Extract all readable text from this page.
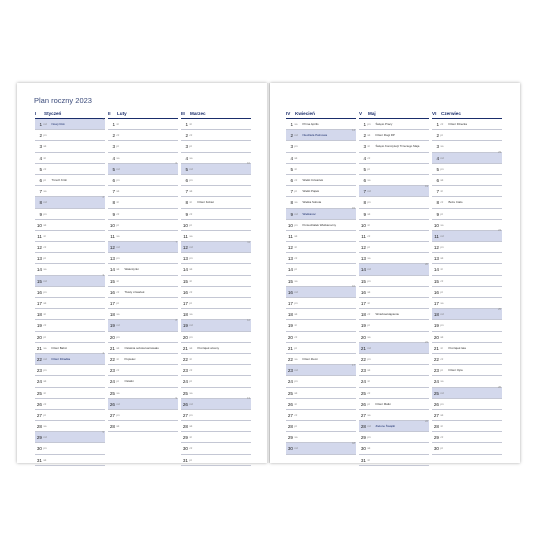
Plan roczny 2023
I Styczeń
1 nd $^{Nowy Rok}$
1
2 pn
3 wt
4 śr
5 cz
6 pt $^{Trzech Króli}$
7 so
8 nd
2
9 pn
10 wt
11 śr
12 cz
13 pt
14 so
15 nd
3
16 pn
17 wt
18 śr
19 cz
20 pt
21 so $^{Dzień Babci}$
22 nd $^{Dzień Dziadka}$
4
23 pn
24 wt
25 śr
26 cz
27 pt
28 so
29 nd
5
30 pn
31 wt
II Luty
1 śr
2 cz
3 pt
4 so
5 nd
6
6 pn
7 wt
8 śr
9 cz
10 pt
11 so
12 nd
7
13 pn
14 wt $^{Walentynki}$
15 śr
16 cz $^{Tłusty czwartek}$
17 pt
18 so
19 nd
8
20 pn
21 wt $^{Ostatnia sobota karnawału}$
22 śr $^{Popielec}$
23 cz
24 pt $^{Ostatki}$
25 so
26 nd
9
27 pn
28 wt
III Marzec
1 śr
2 cz
3 pt
4 so
5 nd
10
6 pn
7 wt
8 śr $^{Dzień Kobiet}$
9 cz
10 pt
11 so
12 nd
11
13 pn
14 wt
15 śr
16 cz
17 pt
18 so
19 nd
12
20 pn
21 wt $^{Początek wiosny}$
22 śr
23 cz
24 pt
25 so
26 nd
13
27 pn
28 wt
29 śr
30 cz
31 pt
IV Kwiecień
1 so $^{Prima Aprilis}$
2 nd $^{Niedziela Palmowa}$
14
3 pn
4 wt
5 śr
6 cz $^{Wielki Czwartek}$
7 pt $^{Wielki Piątek}$
8 so $^{Wielka Sobota}$
9 nd $^{Wielkanoc}$
15
10 pn $^{Poniedziałek Wielkanocny}$
11 wt
12 śr
13 cz
14 pt
15 so
16 nd
16
17 pn
18 wt
19 śr
20 cz
21 pt
22 so $^{Dzień Ziemi}$
23 nd
17
24 pn
25 wt
26 śr
27 cz
28 pt
29 so
30 nd
18
V Maj
1 pn $^{Święto Pracy}$
2 wt $^{Dzień Flagi RP}$
3 śr $^{Święto Konstytucji Trzeciego Maja}$
4 cz
5 pt
6 so
7 nd
19
8 pn
9 wt
10 śr
11 cz
12 pt
13 so
14 nd
20
15 pn
16 wt
17 śr
18 cz $^{Wniebowstąpienie}$
19 pt
20 so
21 nd
21
22 pn
23 wt
24 śr
25 cz
26 pt $^{Dzień Matki}$
27 so
28 nd $^{Zielone Świątki}$
22
29 pn
30 wt
31 śr
VI Czerwiec
1 cz $^{Dzień Dziecka}$
2 pt
3 so
4 nd
23
5 pn
6 wt
7 śr
8 cz $^{Boże Ciało}$
9 pt
10 so
11 nd
24
12 pn
13 wt
14 śr
15 cz
16 pt
17 so
18 nd
25
19 pn
20 wt
21 śr $^{Początek lata}$
22 cz
23 pt $^{Dzień Ojca}$
24 so
25 nd
26
26 pn
27 wt
28 śr
29 cz
30 pt
